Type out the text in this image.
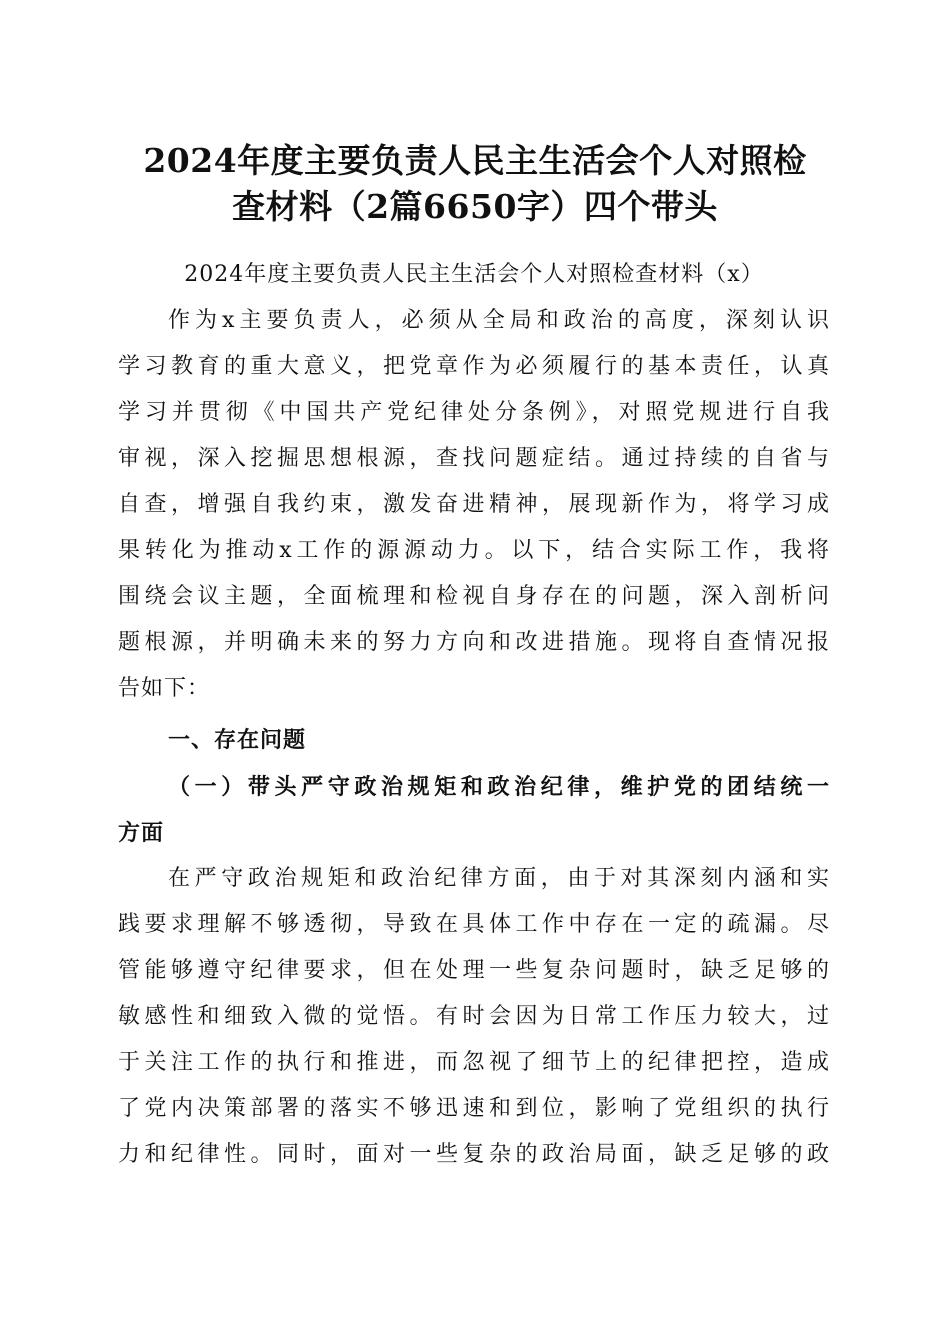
2024年度主要负责人民主生活会个人对照检
查材料（2篇6650字）四个带头
2024年度主要负责人民主生活会个人对照检查材料（x）
作为x主要负责人，必须从全局和政治的高度，深刻认识
学习教育的重大意义，把党章作为必须履行的基本责任，认真
学习并贯彻《中国共产党纪律处分条例》，对照党规进行自我
审视，深入挖掘思想根源，查找问题症结。通过持续的自省与
自查，增强自我约束，激发奋进精神，展现新作为，将学习成
果转化为推动x工作的源源动力。以下，结合实际工作，我将
围绕会议主题，全面梳理和检视自身存在的问题，深入剖析问
题根源，并明确未来的努力方向和改进措施。现将自查情况报
告如下：
一、存在问题
（一）带头严守政治规矩和政治纪律，维护党的团结统一
方面
在严守政治规矩和政治纪律方面，由于对其深刻内涵和实
践要求理解不够透彻，导致在具体工作中存在一定的疏漏。尽
管能够遵守纪律要求，但在处理一些复杂问题时，缺乏足够的
敏感性和细致入微的觉悟。有时会因为日常工作压力较大，过
于关注工作的执行和推进，而忽视了细节上的纪律把控，造成
了党内决策部署的落实不够迅速和到位，影响了党组织的执行
力和纪律性。同时，面对一些复杂的政治局面，缺乏足够的政
